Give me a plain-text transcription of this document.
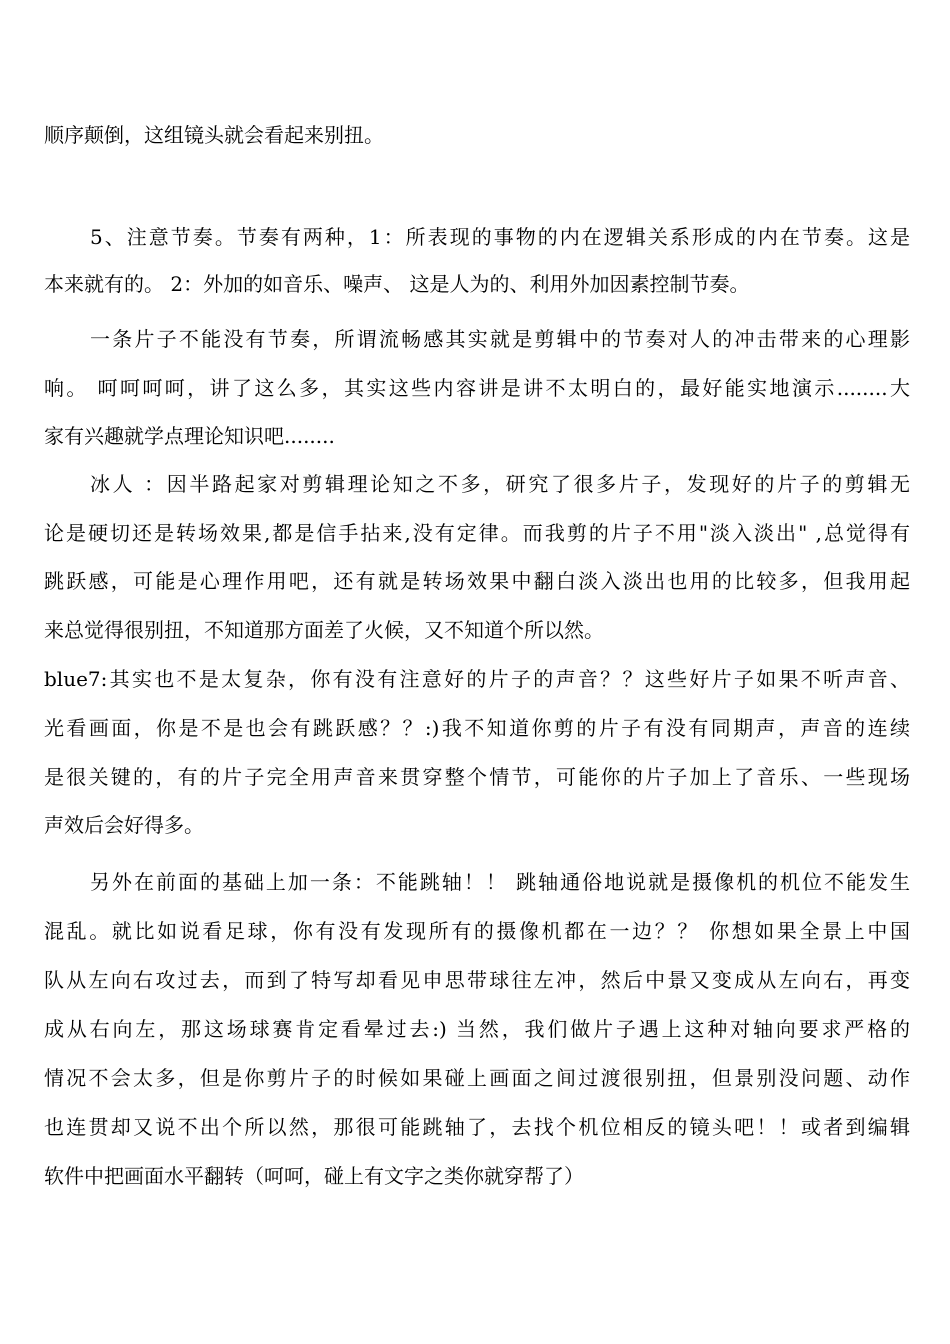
顺序颠倒，这组镜头就会看起来别扭。
5、注意节奏。节奏有两种，1：所表现的事物的内在逻辑关系形成的内在节奏。这是
本来就有的。 2：外加的如音乐、噪声、 这是人为的、利用外加因素控制节奏。
一条片子不能没有节奏，所谓流畅感其实就是剪辑中的节奏对人的冲击带来的心理影
响。 呵呵呵呵，讲了这么多，其实这些内容讲是讲不太明白的，最好能实地演示........大
家有兴趣就学点理论知识吧........
冰人 ：因半路起家对剪辑理论知之不多，研究了很多片子，发现好的片子的剪辑无
论是硬切还是转场效果,都是信手拈来,没有定律。而我剪的片子不用"淡入淡出" ,总觉得有
跳跃感，可能是心理作用吧，还有就是转场效果中翻白淡入淡出也用的比较多，但我用起
来总觉得很别扭，不知道那方面差了火候，又不知道个所以然。
blue7:其实也不是太复杂，你有没有注意好的片子的声音？？这些好片子如果不听声音、
光看画面，你是不是也会有跳跃感？？:)我不知道你剪的片子有没有同期声，声音的连续
是很关键的，有的片子完全用声音来贯穿整个情节，可能你的片子加上了音乐、一些现场
声效后会好得多。
另外在前面的基础上加一条：不能跳轴！！ 跳轴通俗地说就是摄像机的机位不能发生
混乱。就比如说看足球，你有没有发现所有的摄像机都在一边？？ 你想如果全景上中国
队从左向右攻过去，而到了特写却看见申思带球往左冲，然后中景又变成从左向右，再变
成从右向左，那这场球赛肯定看晕过去:) 当然，我们做片子遇上这种对轴向要求严格的
情况不会太多，但是你剪片子的时候如果碰上画面之间过渡很别扭，但景别没问题、动作
也连贯却又说不出个所以然，那很可能跳轴了，去找个机位相反的镜头吧！！或者到编辑
软件中把画面水平翻转（呵呵，碰上有文字之类你就穿帮了）
